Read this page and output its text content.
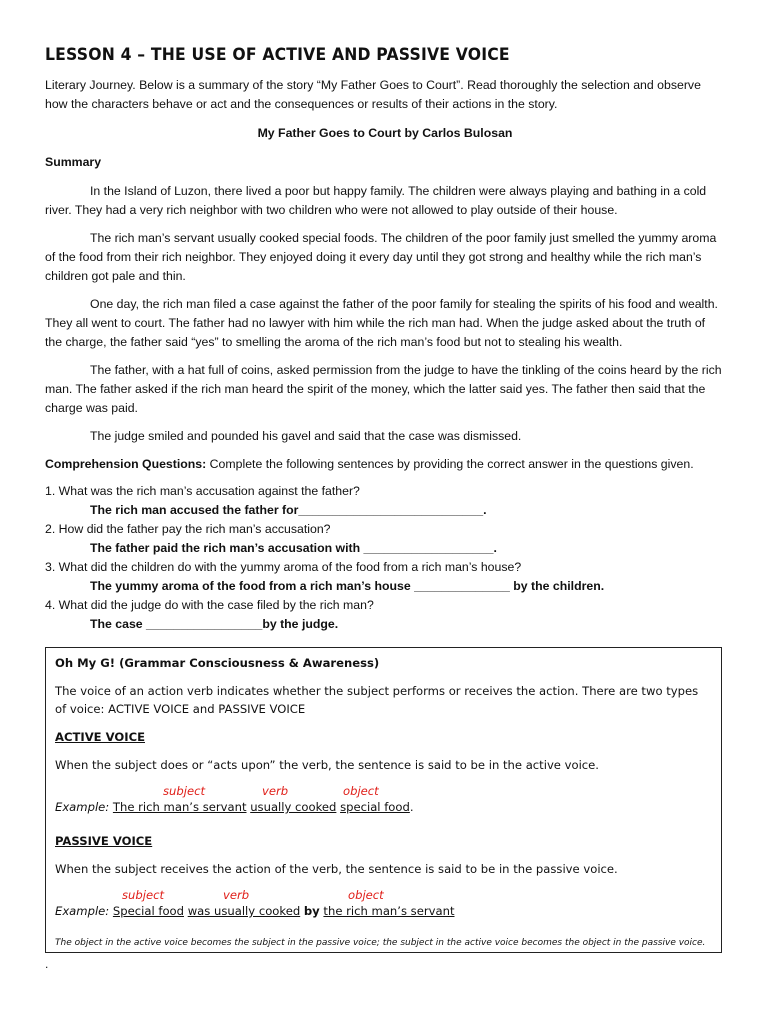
LESSON 4 – THE USE OF ACTIVE AND PASSIVE VOICE

Literary Journey. Below is a summary of the story “My Father Goes to Court”. Read thoroughly the selection and observe how the characters behave or act and the consequences or results of their actions in the story.

My Father Goes to Court by Carlos Bulosan

Summary

In the Island of Luzon, there lived a poor but happy family. The children were always playing and bathing in a cold river. They had a very rich neighbor with two children who were not allowed to play outside of their house.

The rich man’s servant usually cooked special foods. The children of the poor family just smelled the yummy aroma of the food from their rich neighbor. They enjoyed doing it every day until they got strong and healthy while the rich man’s children got pale and thin.

One day, the rich man filed a case against the father of the poor family for stealing the spirits of his food and wealth. They all went to court. The father had no lawyer with him while the rich man had. When the judge asked about the truth of the charge, the father said “yes” to smelling the aroma of the rich man’s food but not to stealing his wealth.

The father, with a hat full of coins, asked permission from the judge to have the tinkling of the coins heard by the rich man. The father asked if the rich man heard the spirit of the money, which the latter said yes. The father then said that the charge was paid.

The judge smiled and pounded his gavel and said that the case was dismissed.

Comprehension Questions: Complete the following sentences by providing the correct answer in the questions given.

1. What was the rich man’s accusation against the father?

The rich man accused the father for___________________________.

2. How did the father pay the rich man’s accusation?

The father paid the rich man’s accusation with ___________________.

3. What did the children do with the yummy aroma of the food from a rich man’s house?

The yummy aroma of the food from a rich man’s house ______________ by the children.

4. What did the judge do with the case filed by the rich man?

The case _________________by the judge.

Oh My G! (Grammar Consciousness & Awareness)

The voice of an action verb indicates whether the subject performs or receives the action. There are two types of voice: ACTIVE VOICE and PASSIVE VOICE

ACTIVE VOICE

When the subject does or “acts upon” the verb, the sentence is said to be in the active voice.

subject	verb	object
Example: The rich man’s servant usually cooked special food.

PASSIVE VOICE

When the subject receives the action of the verb, the sentence is said to be in the passive voice.

subject	verb	object
Example: Special food was usually cooked by the rich man’s servant

The object in the active voice becomes the subject in the passive voice; the subject in the active voice becomes the object in the passive voice.

.
